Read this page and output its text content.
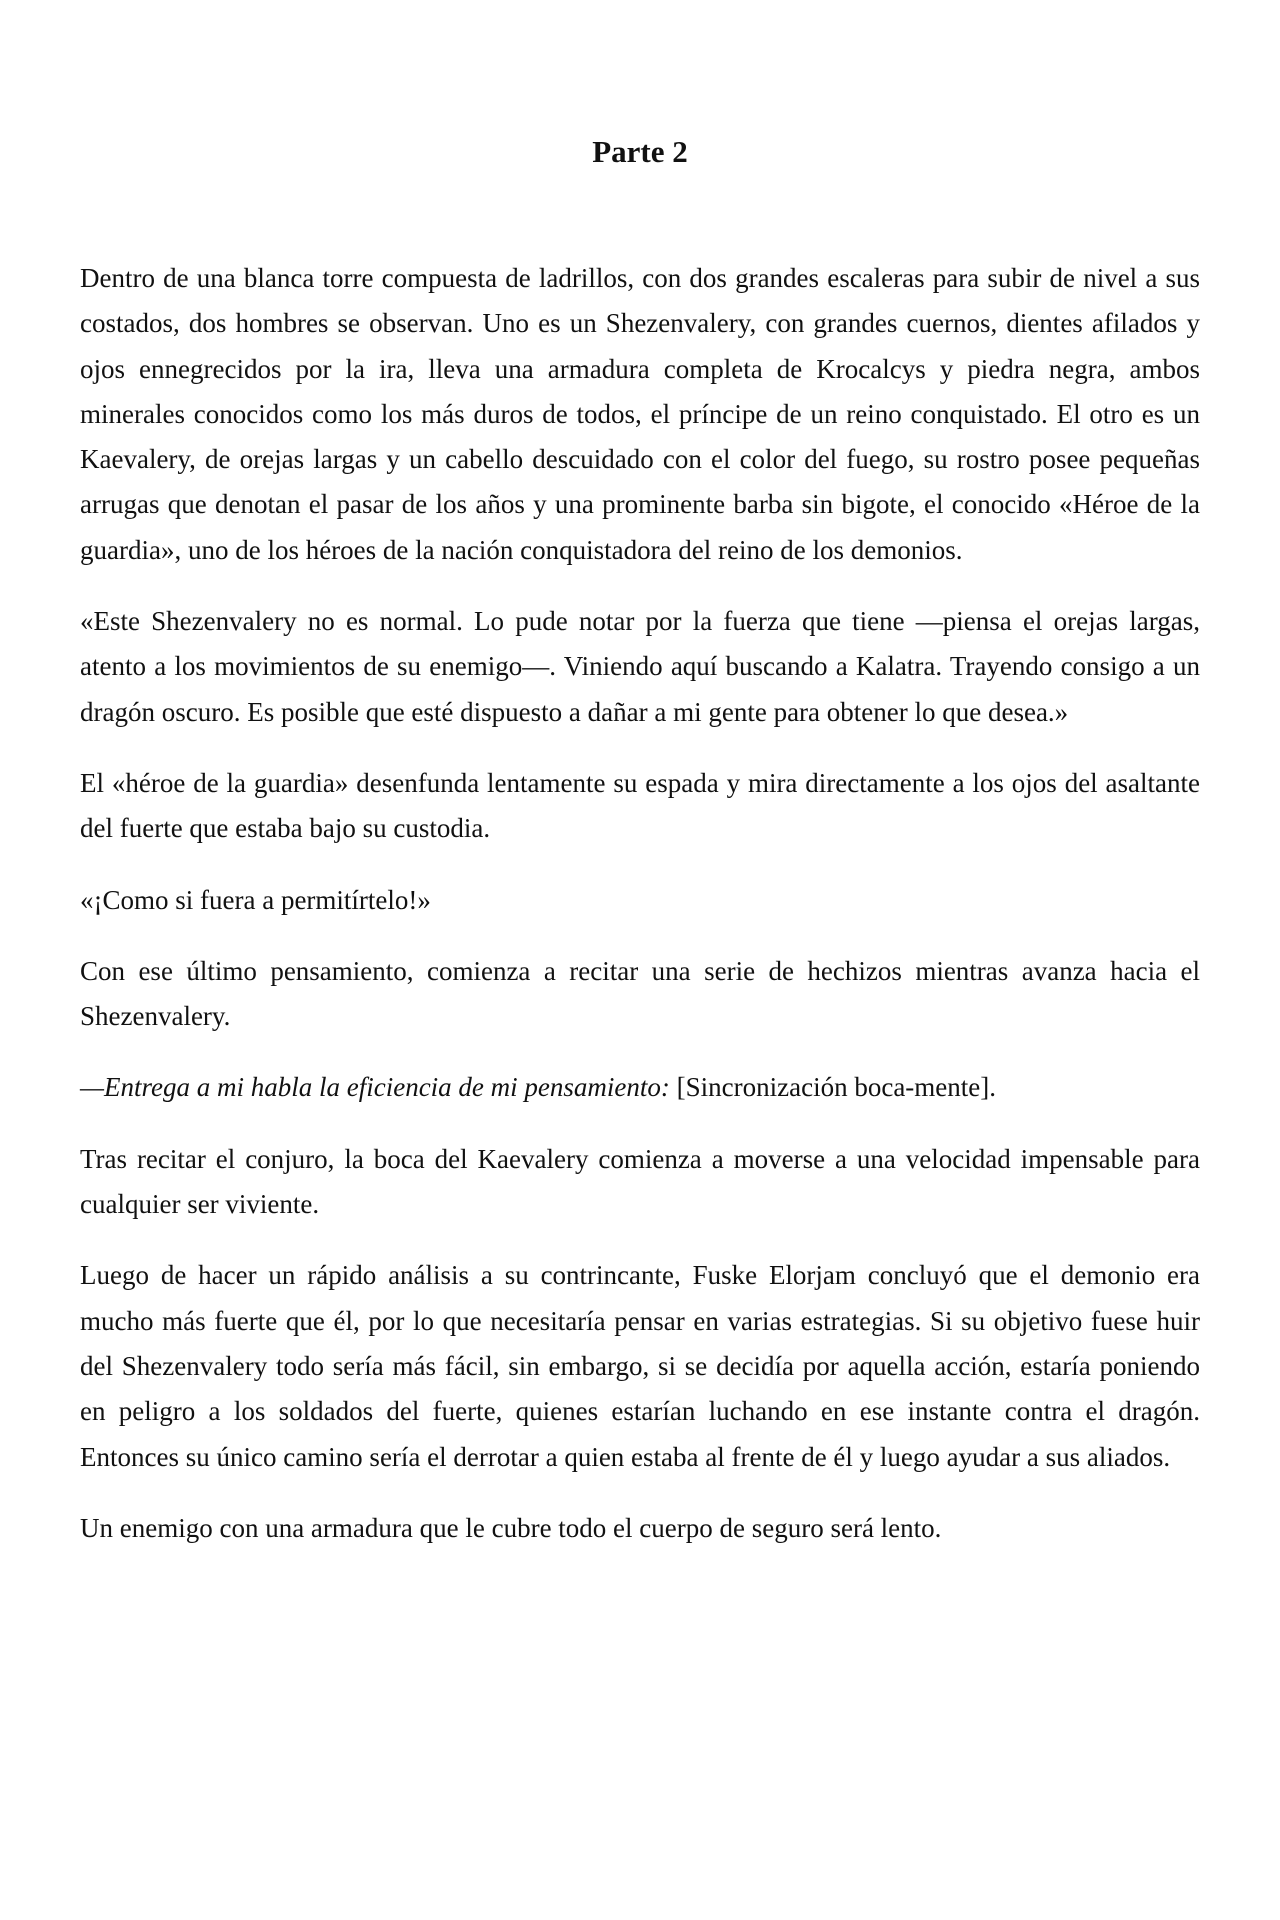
Parte 2

Dentro de una blanca torre compuesta de ladrillos, con dos grandes escaleras para subir de nivel a sus costados, dos hombres se observan. Uno es un Shezenvalery, con grandes cuernos, dientes afilados y ojos ennegrecidos por la ira, lleva una armadura completa de Krocalcys y piedra negra, ambos minerales conocidos como los más duros de todos, el príncipe de un reino conquistado. El otro es un Kaevalery, de orejas largas y un cabello descuidado con el color del fuego, su rostro posee pequeñas arrugas que denotan el pasar de los años y una prominente barba sin bigote, el conocido «Héroe de la guardia», uno de los héroes de la nación conquistadora del reino de los demonios.

«Este Shezenvalery no es normal. Lo pude notar por la fuerza que tiene —piensa el orejas largas, atento a los movimientos de su enemigo—. Viniendo aquí buscando a Kalatra. Trayendo consigo a un dragón oscuro. Es posible que esté dispuesto a dañar a mi gente para obtener lo que desea.»

El «héroe de la guardia» desenfunda lentamente su espada y mira directamente a los ojos del asaltante del fuerte que estaba bajo su custodia.

«¡Como si fuera a permitírtelo!»

Con ese último pensamiento, comienza a recitar una serie de hechizos mientras avanza hacia el Shezenvalery.

—Entrega a mi habla la eficiencia de mi pensamiento: [Sincronización boca-mente].

Tras recitar el conjuro, la boca del Kaevalery comienza a moverse a una velocidad impensable para cualquier ser viviente.

Luego de hacer un rápido análisis a su contrincante, Fuske Elorjam concluyó que el demonio era mucho más fuerte que él, por lo que necesitaría pensar en varias estrategias. Si su objetivo fuese huir del Shezenvalery todo sería más fácil, sin embargo, si se decidía por aquella acción, estaría poniendo en peligro a los soldados del fuerte, quienes estarían luchando en ese instante contra el dragón. Entonces su único camino sería el derrotar a quien estaba al frente de él y luego ayudar a sus aliados.

Un enemigo con una armadura que le cubre todo el cuerpo de seguro será lento.
